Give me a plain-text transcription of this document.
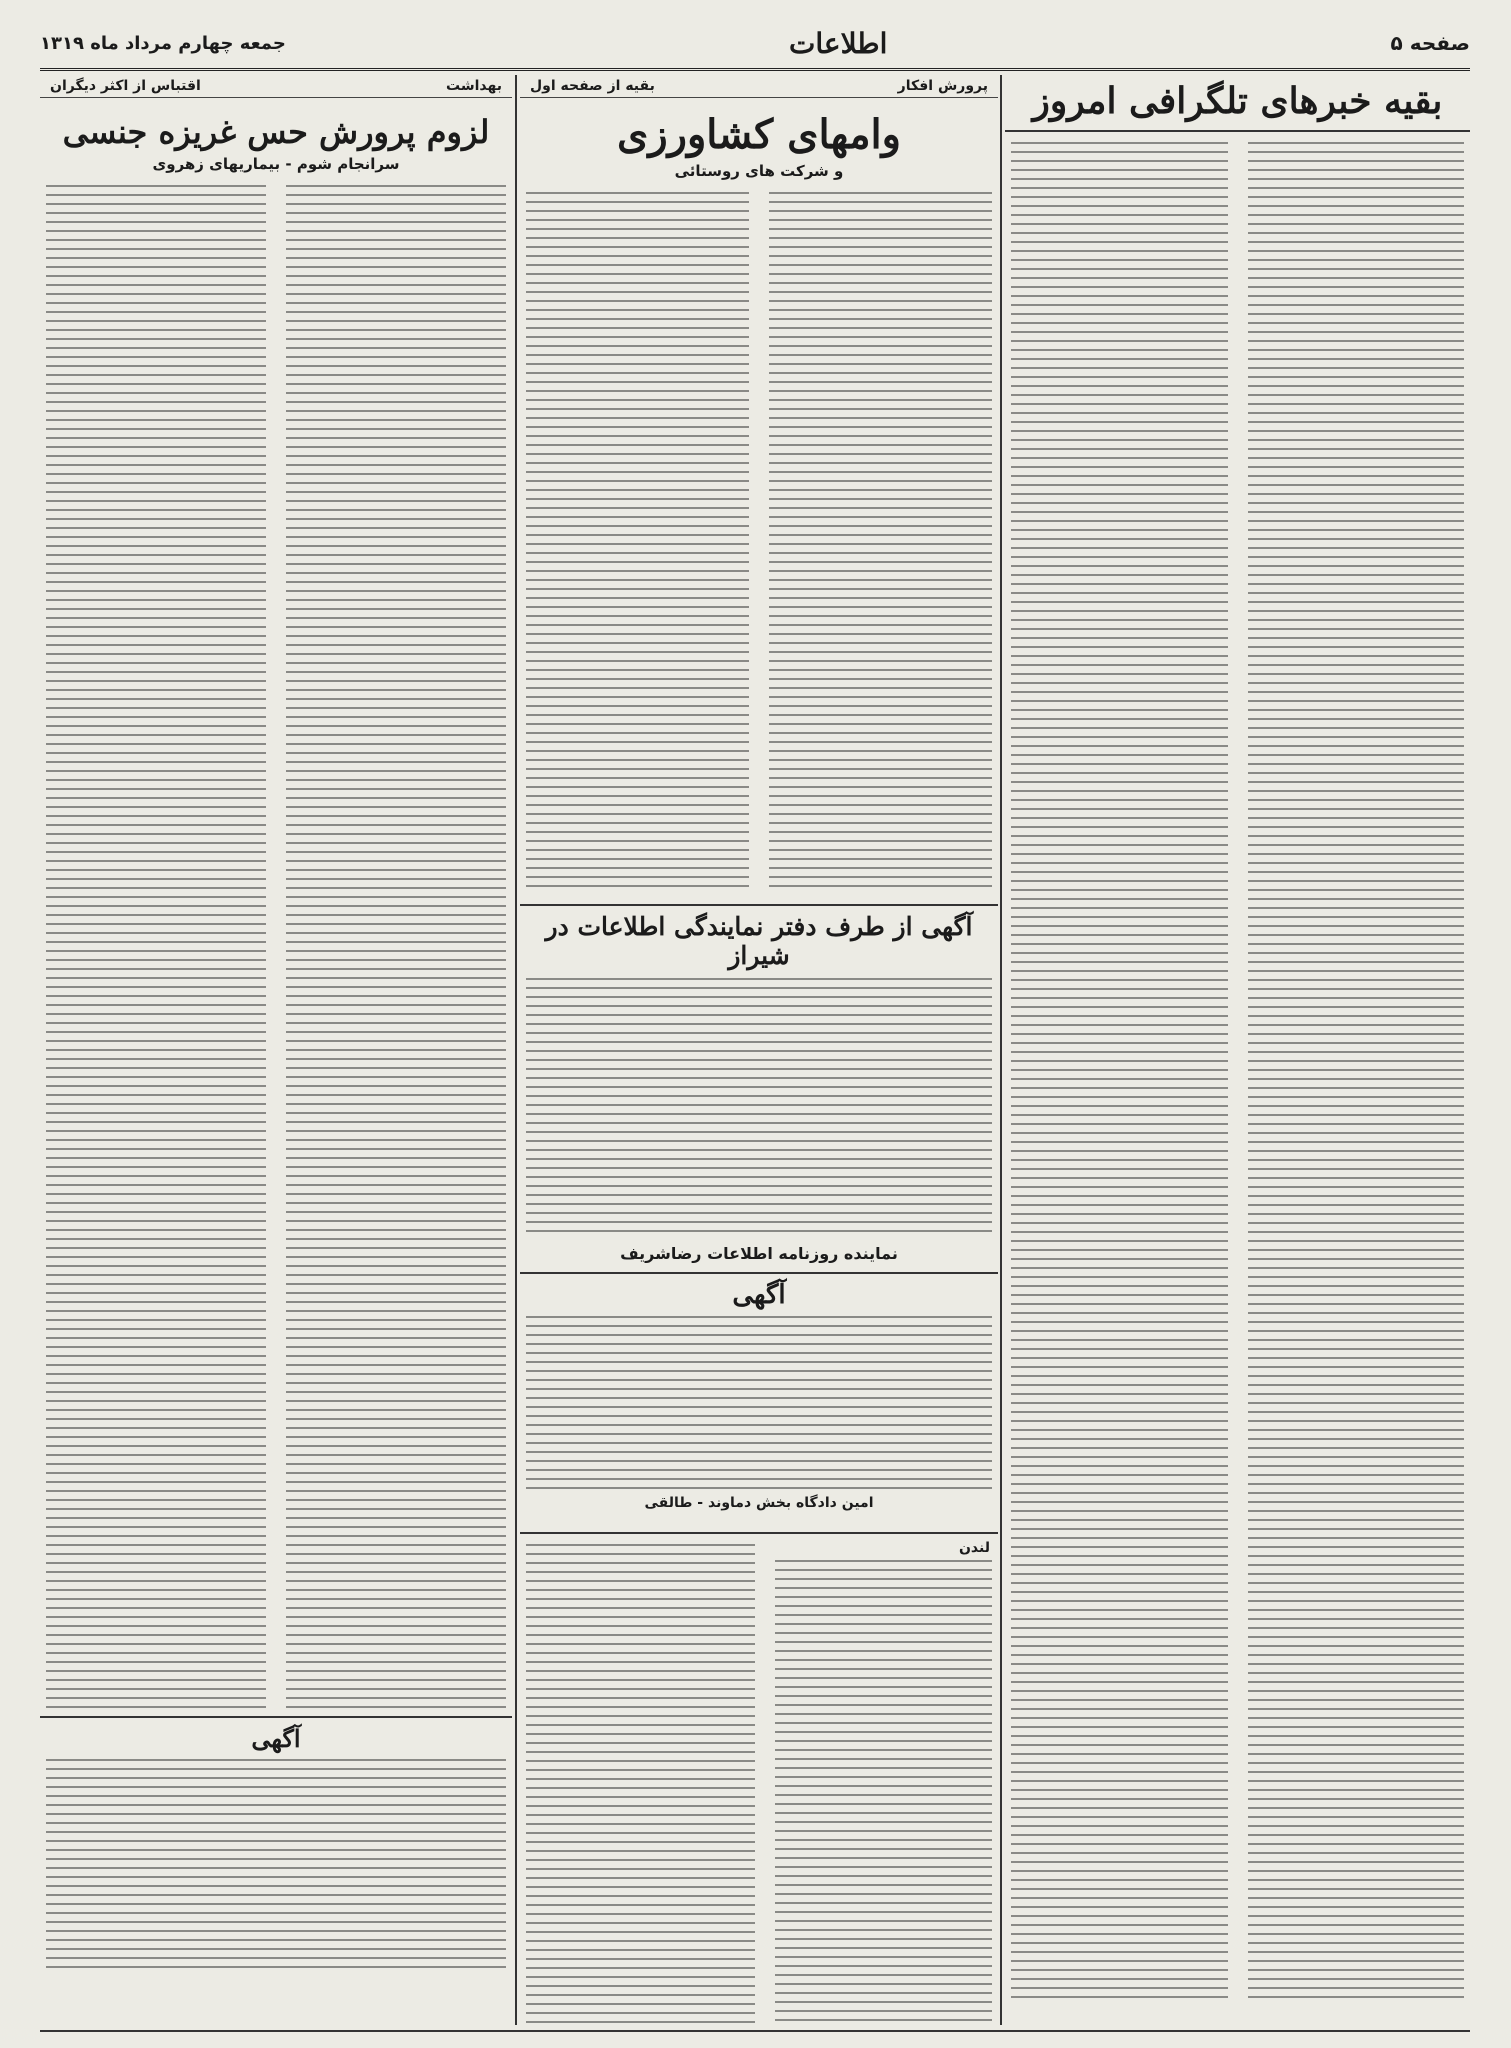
صفحه ۵
اطلاعات
جمعه چهارم مرداد ماه ۱۳۱۹
بقیه خبرهای تلگرافی امروز
پرورش افکار
بقیه از صفحه اول
وامهای کشاورزی
و شرکت های روستائی
آگهی از طرف دفتر نمایندگی اطلاعات در شیراز
نماینده روزنامه اطلاعات رضاشریف
آگهی
امین دادگاه بخش دماوند - طالقی
لندن
بهداشت
اقتباس از اکثر دیگران
لزوم پرورش حس غریزه جنسی
سرانجام شوم - بیماریهای زهروی
آگهی
